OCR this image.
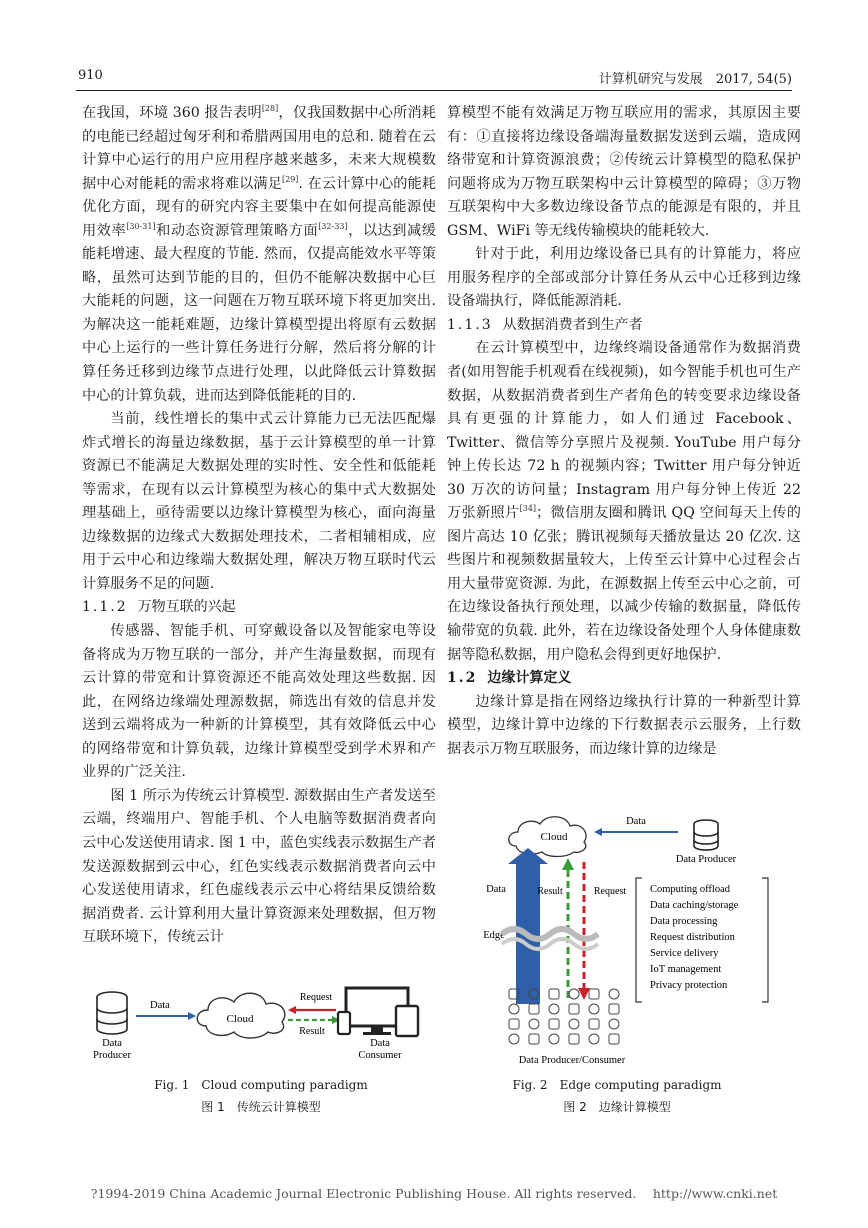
910	计算机研究与发展　2017, 54(5)

在我国，环境 360 报告表明[28]，仅我国数据中心所消耗的电能已经超过匈牙利和希腊两国用电的总和. 随着在云计算中心运行的用户应用程序越来越多，未来大规模数据中心对能耗的需求将难以满足[29]. 在云计算中心的能耗优化方面，现有的研究内容主要集中在如何提高能源使用效率[30-31]和动态资源管理策略方面[32-33]，以达到减缓能耗增速、最大程度的节能. 然而，仅提高能效水平等策略，虽然可达到节能的目的，但仍不能解决数据中心巨大能耗的问题，这一问题在万物互联环境下将更加突出. 为解决这一能耗难题，边缘计算模型提出将原有云数据中心上运行的一些计算任务进行分解，然后将分解的计算任务迁移到边缘节点进行处理，以此降低云计算数据中心的计算负载，进而达到降低能耗的目的.

当前，线性增长的集中式云计算能力已无法匹配爆炸式增长的海量边缘数据，基于云计算模型的单一计算资源已不能满足大数据处理的实时性、安全性和低能耗等需求，在现有以云计算模型为核心的集中式大数据处理基础上，亟待需要以边缘计算模型为核心，面向海量边缘数据的边缘式大数据处理技术，二者相辅相成，应用于云中心和边缘端大数据处理，解决万物互联时代云计算服务不足的问题.

1.1.2 万物互联的兴起

传感器、智能手机、可穿戴设备以及智能家电等设备将成为万物互联的一部分，并产生海量数据，而现有云计算的带宽和计算资源还不能高效处理这些数据. 因此，在网络边缘端处理源数据，筛选出有效的信息并发送到云端将成为一种新的计算模型，其有效降低云中心的网络带宽和计算负载，边缘计算模型受到学术界和产业界的广泛关注.

图 1 所示为传统云计算模型. 源数据由生产者发送至云端，终端用户、智能手机、个人电脑等数据消费者向云中心发送使用请求. 图 1 中，蓝色实线表示数据生产者发送源数据到云中心，红色实线表示数据消费者向云中心发送使用请求，红色虚线表示云中心将结果反馈给数据消费者. 云计算利用大量计算资源来处理数据，但万物互联环境下，传统云计

算模型不能有效满足万物互联应用的需求，其原因主要有：①直接将边缘设备端海量数据发送到云端，造成网络带宽和计算资源浪费；②传统云计算模型的隐私保护问题将成为万物互联架构中云计算模型的障碍；③万物互联架构中大多数边缘设备节点的能源是有限的，并且 GSM、WiFi 等无线传输模块的能耗较大.

针对于此，利用边缘设备已具有的计算能力，将应用服务程序的全部或部分计算任务从云中心迁移到边缘设备端执行，降低能源消耗.

1.1.3 从数据消费者到生产者

在云计算模型中，边缘终端设备通常作为数据消费者(如用智能手机观看在线视频)，如今智能手机也可生产数据，从数据消费者到生产者角色的转变要求边缘设备具有更强的计算能力，如人们通过 Facebook、Twitter、微信等分享照片及视频. YouTube 用户每分钟上传长达 72 h 的视频内容；Twitter 用户每分钟近 30 万次的访问量；Instagram 用户每分钟上传近 22 万张新照片[34]；微信朋友圈和腾讯 QQ 空间每天上传的图片高达 10 亿张；腾讯视频每天播放量达 20 亿次. 这些图片和视频数据量较大，上传至云计算中心过程会占用大量带宽资源. 为此，在源数据上传至云中心之前，可在边缘设备执行预处理，以减少传输的数据量，降低传输带宽的负载. 此外，若在边缘设备处理个人身体健康数据等隐私数据，用户隐私会得到更好地保护.

1.2 边缘计算定义

边缘计算是指在网络边缘执行计算的一种新型计算模型，边缘计算中边缘的下行数据表示云服务，上行数据表示万物互联服务，而边缘计算的边缘是

Data
Producer
Data
Cloud
Request
Result
Data
Consumer
Fig. 1　Cloud computing paradigm
图 1　传统云计算模型
Cloud
Data
Data Producer
Data
Edge
Result	Request Computing offload
Data caching/storage
Data processing
Request distribution
Service delivery
IoT management
Privacy protection
Data Producer/Consumer
Fig. 2　Edge computing paradigm
图 2　边缘计算模型
?1994-2019 China Academic Journal Electronic Publishing House. All rights reserved.　 http://www.cnki.net
